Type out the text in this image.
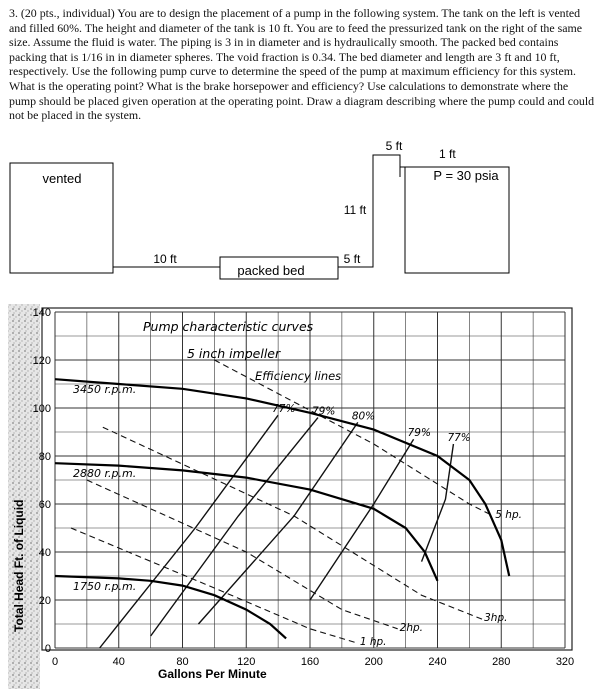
3. (20 pts., individual) You are to design the placement of a pump in the following system. The tank on the left is vented and filled 60%. The height and diameter of the tank is 10 ft. You are to feed the pressurized tank on the right of the same size. Assume the fluid is water. The piping is 3 in in diameter and is hydraulically smooth. The packed bed contains packing that is 1/16 in in diameter spheres. The void fraction is 0.34. The bed diameter and length are 3 ft and 10 ft, respectively. Use the following pump curve to determine the speed of the pump at maximum efficiency for this system. What is the operating point? What is the brake horsepower and efficiency? Use calculations to demonstrate where the pump should be placed given operation at the operating point. Draw a diagram describing where the pump could and could not be placed in the system.

vented
10 ft
packed bed
5 ft
11 ft
5 ft
1 ft
P = 30 psia
77% 79% 80%
79% 77%
5 hp.
3hp.
2hp.
1 hp.
3450 r.p.m.
2880 r.p.m.
1750 r.p.m.
0	40	80	120	160	200	240	280	320
0
20
40
60
80
100
120
140
Pump characteristic curves
5 inch impeller
Efficiency lines
Gallons Per Minute
Total Head Ft. of Liquid
